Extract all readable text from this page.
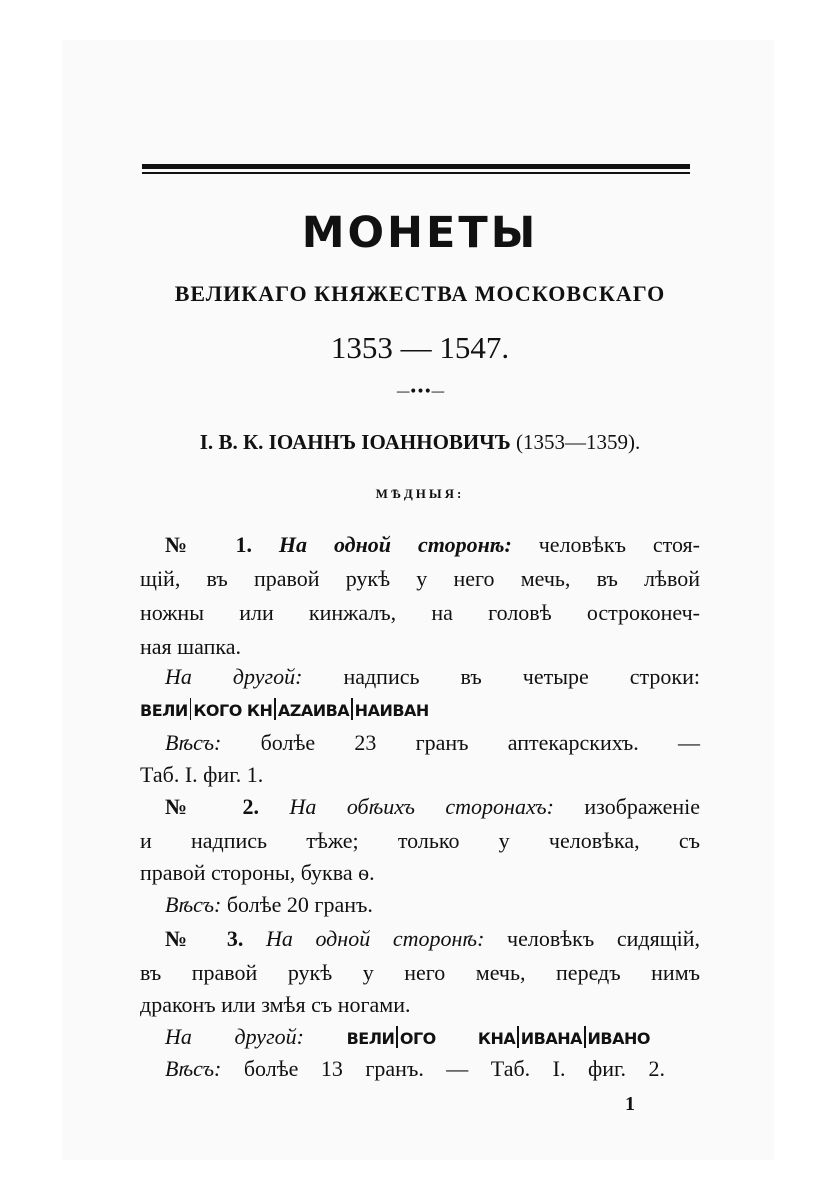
МОНЕТЫ
ВЕЛИКАГО КНЯЖЕСТВА МОСКОВСКАГО
1353 — 1547.
—•••—
I. В. К. ІОАННЪ ІОАННОВИЧЪ (1353—1359).
МѢДНЫЯ:
№ 1. На одной сторонѣ: человѣкъ стоя-
щій, въ правой рукѣ у него мечь, въ лѣвой
ножны или кинжалъ, на головѣ остроконеч-
ная шапка.
На другой: надпись въ четыре строки:
ВЕЛИ КОГО КН АZАИВА НАИВАН
Вѣсъ: болѣе 23 гранъ аптекарскихъ. —
Таб. I. фиг. 1.
№ 2. На обѣихъ сторонахъ: изображеніе
и надпись тѣже; только у человѣка, съ
правой стороны, буква ѳ.
Вѣсъ: болѣе 20 гранъ.
№ 3. На одной сторонѣ: человѣкъ сидящій,
въ правой рукѣ у него мечь, передъ нимъ
драконъ или змѣя съ ногами.
На другой:	ВЕЛИ ОГО КНА ИВАНА ИВАНО
Вѣсъ: болѣе 13 гранъ. — Таб. I. фиг. 2.
1
